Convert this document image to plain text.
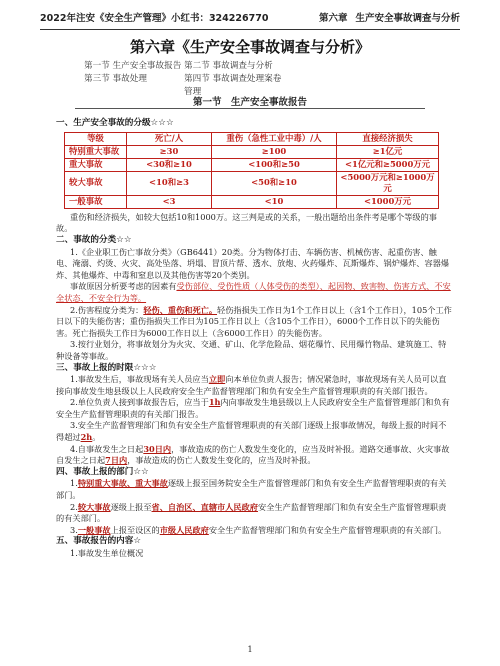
2022年注安《安全生产管理》小红书：324226770	第六章 生产安全事故调查与分析
第六章《生产安全事故调查与分析》
第一节 生产安全事故报告 第二节 事故调查与分析
第三节 事故处理	第四节 事故调查处理案卷管理
第一节　生产安全事故报告
一、生产安全事故的分级☆☆☆
等级	死亡/人	重伤（急性工业中毒）/人	直接经济损失
特别重大事故	≥30	≥100	≥1亿元
重大事故	<30和≥10	<100和≥50	<1亿元和≥5000万元
较大事故	<10和≥3	<50和≥10	<5000万元和≥1000万元
一般事故	<3	<10	<1000万元
重伤和经济损失，如较大包括10和1000万。这三判是或的关系，一般出题给出条件考是哪个等级的事故。
二、事故的分类☆☆
1.《企业职工伤亡事故分类》（GB6441）20类。分为物体打击、车辆伤害、机械伤害、起重伤害、触电、淹溺、灼烫、火灾、高处坠落、坍塌、冒顶片帮、透水、放炮、火药爆炸、瓦斯爆炸、锅炉爆炸、容器爆炸、其他爆炸、中毒和窒息以及其他伤害等20个类别。
事故原因分析要考虑的因素有受伤部位、受伤性质（人体受伤的类型）、起因物、致害物、伤害方式、不安全状态、不安全行为等。
2.伤害程度分类为：轻伤、重伤和死亡。轻伤指损失工作日为1个工作日以上（含1个工作日），105个工作日以下的失能伤害；重伤指损失工作日为105工作日以上（含105个工作日），6000个工作日以下的失能伤害。死亡指损失工作日为6000工作日以上（含6000工作日）的失能伤害。
3.按行业划分，将事故划分为火灾、交通、矿山、化学危险品、烟花爆竹、民用爆竹物品、建筑施工、特种设备等事故。
三、事故上报的时限☆☆☆
1.事故发生后，事故现场有关人员应当立即向本单位负责人报告；情况紧急时，事故现场有关人员可以直接向事故发生地县级以上人民政府安全生产监督管理部门和负有安全生产监督管理职责的有关部门报告。
2.单位负责人接到事故报告后，应当于1h内向事故发生地县级以上人民政府安全生产监督管理部门和负有安全生产监督管理职责的有关部门报告。
3.安全生产监督管理部门和负有安全生产监督管理职责的有关部门逐级上报事故情况，每级上报的时间不得超过2h。
4.自事故发生之日起30日内，事故造成的伤亡人数发生变化的，应当及时补报。道路交通事故、火灾事故自发生之日起7日内，事故造成的伤亡人数发生变化的，应当及时补报。
四、事故上报的部门☆☆
1.特别重大事故、重大事故逐级上报至国务院安全生产监督管理部门和负有安全生产监督管理职责的有关部门。
2.较大事故逐级上报至省、自治区、直辖市人民政府安全生产监督管理部门和负有安全生产监督管理职责的有关部门。
3.一般事故上报至设区的市级人民政府安全生产监督管理部门和负有安全生产监督管理职责的有关部门。
五、事故报告的内容☆
1.事故发生单位概况
1
